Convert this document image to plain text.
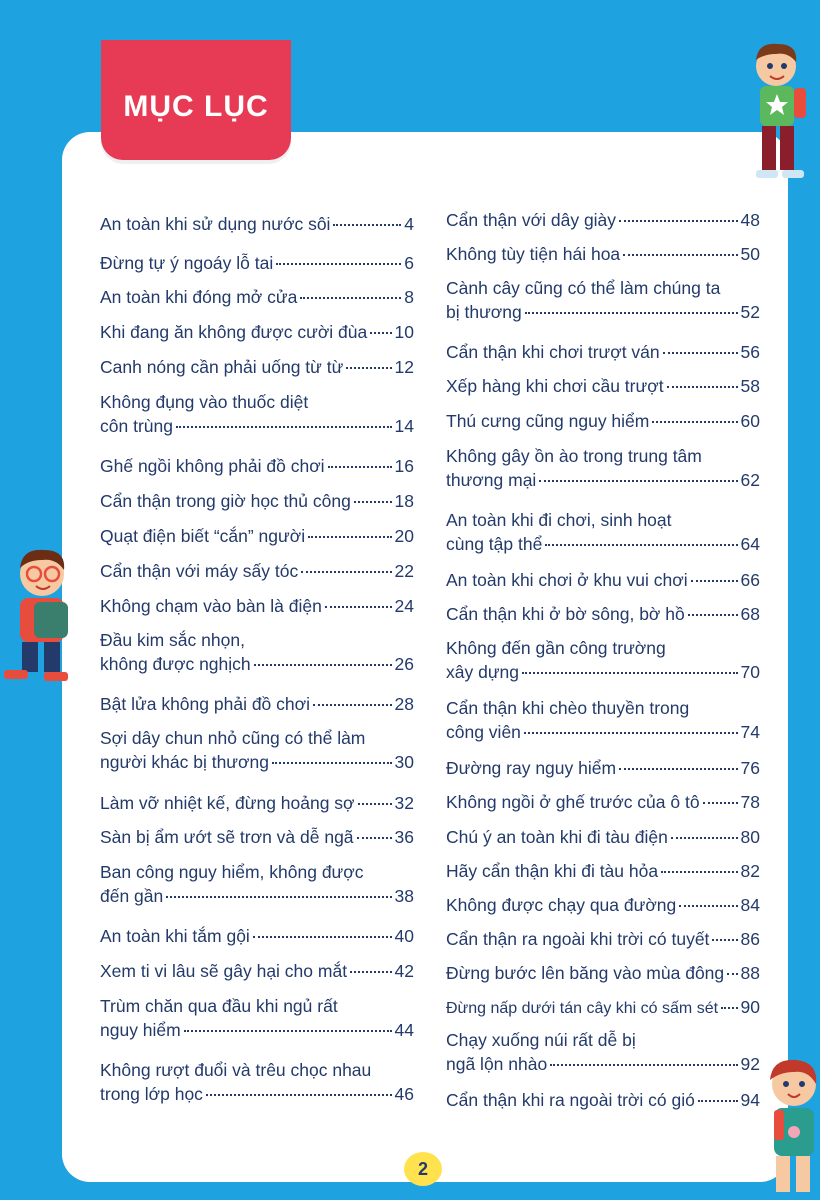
MỤC LỤC
An toàn khi sử dụng nước sôi	4
Đừng tự ý ngoáy lỗ tai	6
An toàn khi đóng mở cửa	8
Khi đang ăn không được cười đùa 10
Canh nóng cần phải uống từ từ	12
Không đụng vào thuốc diệt
côn trùng	14
Ghế ngồi không phải đồ chơi	16
Cẩn thận trong giờ học thủ công 18
Quạt điện biết “cắn” người	20
Cẩn thận với máy sấy tóc	22
Không chạm vào bàn là điện	24
Đầu kim sắc nhọn,
không được nghịch	26
Bật lửa không phải đồ chơi	28
Sợi dây chun nhỏ cũng có thể làm
người khác bị thương	30
Làm vỡ nhiệt kế, đừng hoảng sợ 32
Sàn bị ẩm ướt sẽ trơn và dễ ngã 36
Ban công nguy hiểm, không được
đến gần	38
An toàn khi tắm gội	40
Xem ti vi lâu sẽ gây hại cho mắt	42
Trùm chăn qua đầu khi ngủ rất
nguy hiểm	44
Không rượt đuổi và trêu chọc nhau
trong lớp học	46
Cẩn thận với dây giày	48
Không tùy tiện hái hoa	50
Cành cây cũng có thể làm chúng ta
bị thương	52
Cẩn thận khi chơi trượt ván	56
Xếp hàng khi chơi cầu trượt	58
Thú cưng cũng nguy hiểm	60
Không gây ồn ào trong trung tâm
thương mại	62
An toàn khi đi chơi, sinh hoạt
cùng tập thể	64
An toàn khi chơi ở khu vui chơi	66
Cẩn thận khi ở bờ sông, bờ hồ	68
Không đến gần công trường
xây dựng	70
Cẩn thận khi chèo thuyền trong
công viên	74
Đường ray nguy hiểm	76
Không ngồi ở ghế trước của ô tô 78
Chú ý an toàn khi đi tàu điện	80
Hãy cẩn thận khi đi tàu hỏa	82
Không được chạy qua đường	84
Cẩn thận ra ngoài khi trời có tuyết 86
Đừng bước lên băng vào mùa đông 88
Đừng nấp dưới tán cây khi có sấm sét 90
Chạy xuống núi rất dễ bị
ngã lộn nhào	92
Cẩn thận khi ra ngoài trời có gió	94
2
